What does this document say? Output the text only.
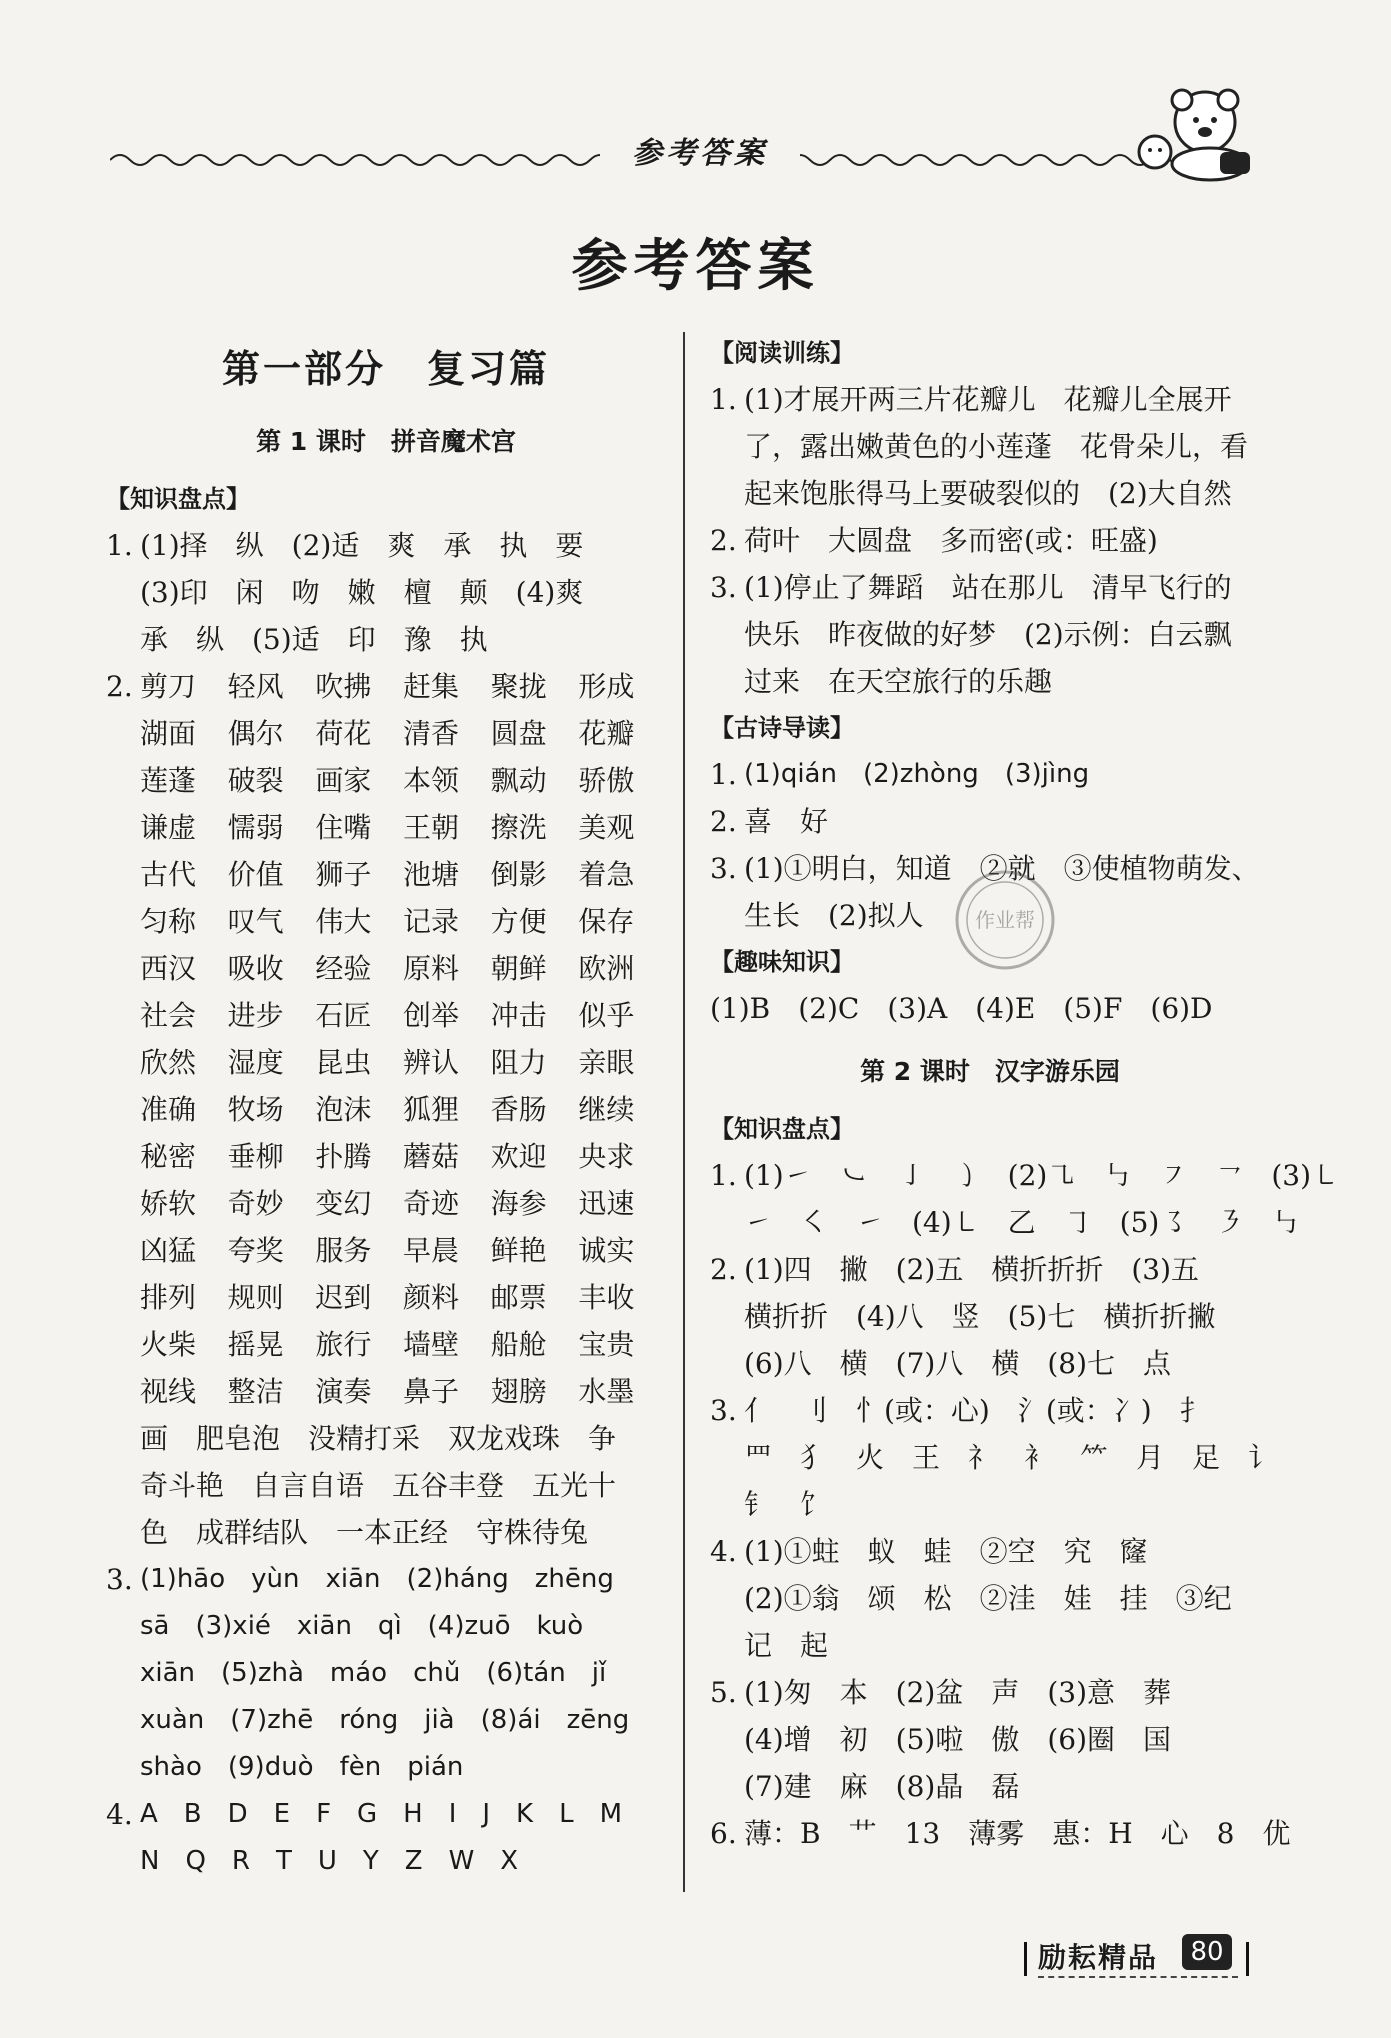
参考答案
参考答案
第一部分　复习篇
第 1 课时　拼音魔术宫
【知识盘点】
1. (1)择　纵　(2)适　爽　承　执　要
(3)印　闲　吻　嫩　檀　颠　(4)爽
承　纵　(5)适　印　豫　执
2. 剪刀	轻风	吹拂	赶集	聚拢	形成
湖面	偶尔	荷花	清香	圆盘	花瓣
莲蓬	破裂	画家	本领	飘动	骄傲
谦虚	懦弱	住嘴	王朝	擦洗	美观
古代	价值	狮子	池塘	倒影	着急
匀称	叹气	伟大	记录	方便	保存
西汉	吸收	经验	原料	朝鲜	欧洲
社会	进步	石匠	创举	冲击	似乎
欣然	湿度	昆虫	辨认	阻力	亲眼
准确	牧场	泡沫	狐狸	香肠	继续
秘密	垂柳	扑腾	蘑菇	欢迎	央求
娇软	奇妙	变幻	奇迹	海参	迅速
凶猛	夸奖	服务	早晨	鲜艳	诚实
排列	规则	迟到	颜料	邮票	丰收
火柴	摇晃	旅行	墙壁	船舱	宝贵
视线	整洁	演奏	鼻子	翅膀	水墨
画　肥皂泡　没精打采　双龙戏珠　争
奇斗艳　自言自语　五谷丰登　五光十
色　成群结队　一本正经　守株待兔
3. (1)hāo　yùn　xiān　(2)háng　zhēng
sā　(3)xié　xiān　qì　(4)zuō　kuò
xiān　(5)zhà　máo　chǔ　(6)tán　jǐ
xuàn　(7)zhē　róng　jià　(8)ái　zēng
shào　(9)duò　fèn　pián
4. A　B　D　E　F　G　H　I　J　K　L　M
N　Q　R　T　U　Y　Z　W　X
【阅读训练】
1. (1)才展开两三片花瓣儿　花瓣儿全展开
了，露出嫩黄色的小莲蓬　花骨朵儿，看
起来饱胀得马上要破裂似的　(2)大自然
2. 荷叶　大圆盘　多而密(或：旺盛)
3. (1)停止了舞蹈　站在那儿　清早飞行的
快乐　昨夜做的好梦　(2)示例：白云飘
过来　在天空旅行的乐趣
【古诗导读】
1. (1)qián　(2)zhòng　(3)jìng
2. 喜　好
3. (1)①明白，知道　②就　③使植物萌发、
生长　(2)拟人
【趣味知识】
(1)B　(2)C　(3)A　(4)E　(5)F　(6)D
第 2 课时　汉字游乐园
【知识盘点】
1. (1)㇀　㇃　㇚　㇁　(2)㇈　㇉　㇇　㇖　(3)㇄
㇀　㇛　㇀　(4)㇄　乙　㇆　(5)㇌　㇋　㇉
2. (1)四　撇　(2)五　横折折折　(3)五
横折折　(4)八　竖　(5)七　横折折撇
(6)八　横　(7)八　横　(8)七　点
3. 亻　刂　忄(或：心)　氵(或：冫)　扌
罒　犭　火　王　礻　衤　⺮　月　足　讠
钅　饣
4. (1)①蛀　蚁　蛙　②空　究　窿
(2)①翁　颂　松　②洼　娃　挂　③纪
记　起
5. (1)匆　本　(2)盆　声　(3)意　葬
(4)增　初　(5)啦　傲　(6)圈　国
(7)建　麻　(8)晶　磊
6. 薄：B　艹　13　薄雾　惠：H　心　8　优
作业帮
励耘精品	80
